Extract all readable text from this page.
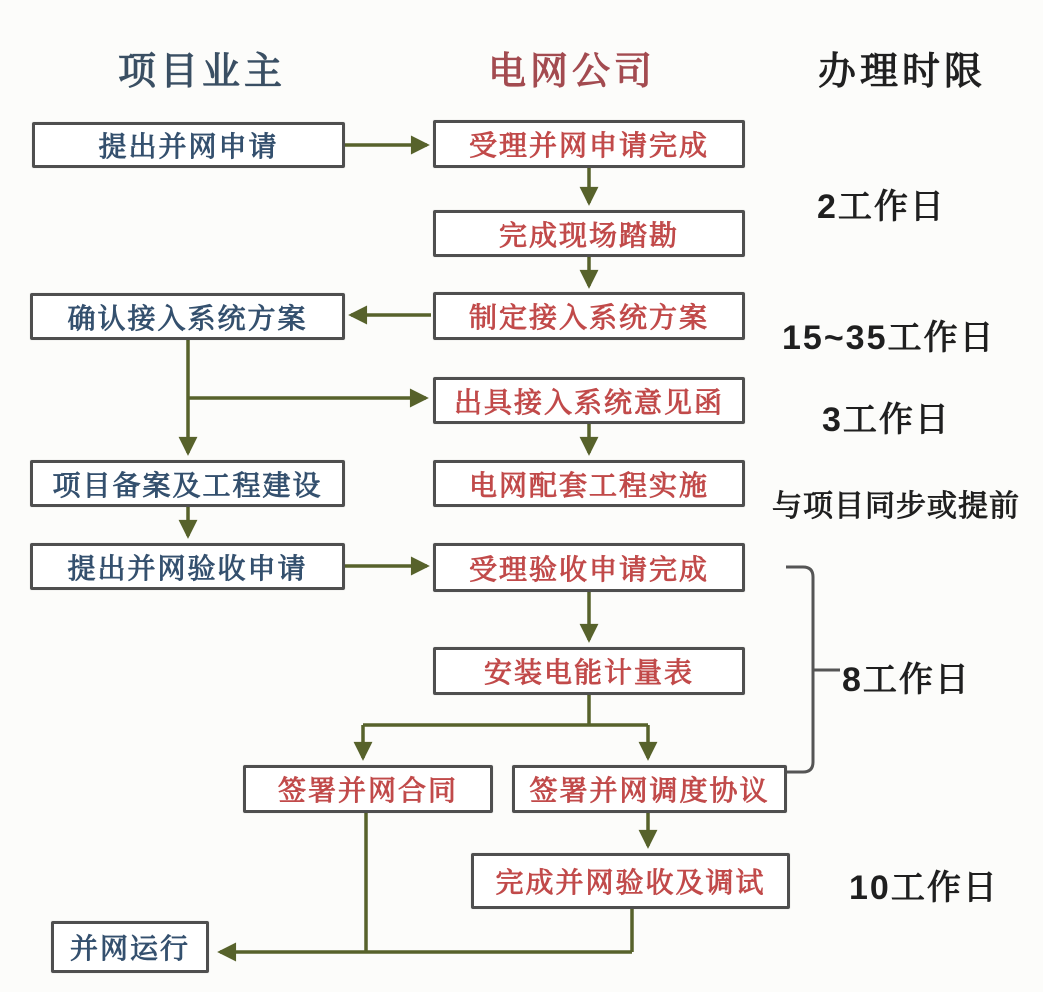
项目业主	电网公司	办理时限
提出并网申请
确认接入系统方案
项目备案及工程建设
提出并网验收申请
并网运行
受理并网申请完成
完成现场踏勘
制定接入系统方案
出具接入系统意见函
电网配套工程实施
受理验收申请完成
安装电能计量表
签署并网合同	签署并网调度协议
完成并网验收及调试
2工作日
15~35工作日
3工作日
与项目同步或提前
8工作日
10工作日
